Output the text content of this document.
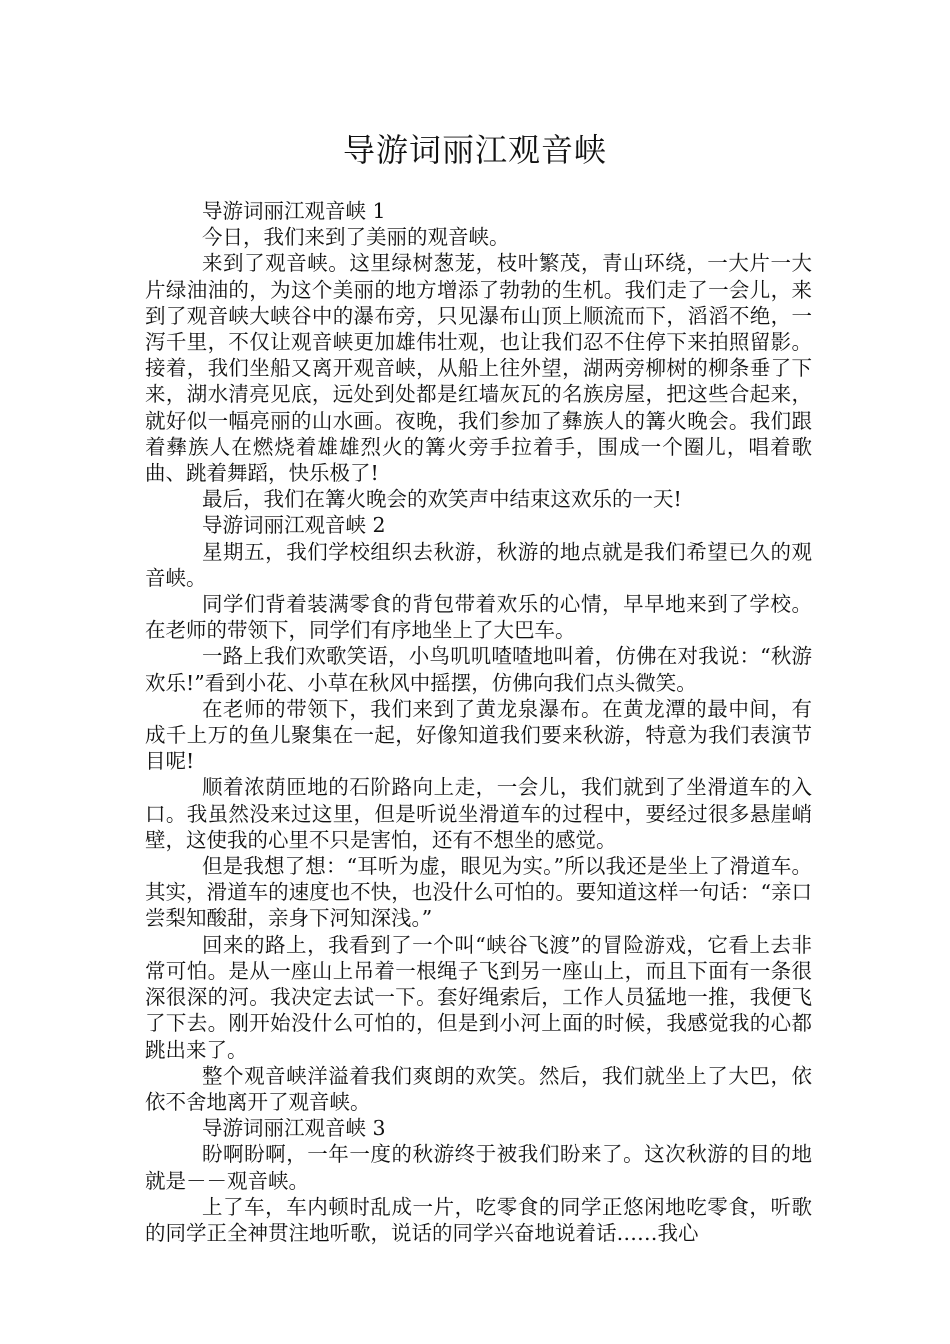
导游词丽江观音峡

导游词丽江观音峡 1

今日，我们来到了美丽的观音峡。

来到了观音峡。这里绿树葱茏，枝叶繁茂，青山环绕，一大片一大片绿油油的，为这个美丽的地方增添了勃勃的生机。我们走了一会儿，来到了观音峡大峡谷中的瀑布旁，只见瀑布山顶上顺流而下，滔滔不绝，一泻千里，不仅让观音峡更加雄伟壮观，也让我们忍不住停下来拍照留影。接着，我们坐船又离开观音峡，从船上往外望，湖两旁柳树的柳条垂了下来，湖水清亮见底，远处到处都是红墙灰瓦的名族房屋，把这些合起来，就好似一幅亮丽的山水画。夜晚，我们参加了彝族人的篝火晚会。我们跟着彝族人在燃烧着雄雄烈火的篝火旁手拉着手，围成一个圈儿，唱着歌曲、跳着舞蹈，快乐极了!

最后，我们在篝火晚会的欢笑声中结束这欢乐的一天!

导游词丽江观音峡 2

星期五，我们学校组织去秋游，秋游的地点就是我们希望已久的观音峡。

同学们背着装满零食的背包带着欢乐的心情，早早地来到了学校。在老师的带领下，同学们有序地坐上了大巴车。

一路上我们欢歌笑语，小鸟叽叽喳喳地叫着，仿佛在对我说：“秋游欢乐!”看到小花、小草在秋风中摇摆，仿佛向我们点头微笑。

在老师的带领下，我们来到了黄龙泉瀑布。在黄龙潭的最中间，有成千上万的鱼儿聚集在一起，好像知道我们要来秋游，特意为我们表演节目呢!

顺着浓荫匝地的石阶路向上走，一会儿，我们就到了坐滑道车的入口。我虽然没来过这里，但是听说坐滑道车的过程中，要经过很多悬崖峭壁，这使我的心里不只是害怕，还有不想坐的感觉。

但是我想了想：“耳听为虚，眼见为实。”所以我还是坐上了滑道车。其实，滑道车的速度也不快，也没什么可怕的。要知道这样一句话：“亲口尝梨知酸甜，亲身下河知深浅。”

回来的路上，我看到了一个叫“峡谷飞渡”的冒险游戏，它看上去非常可怕。是从一座山上吊着一根绳子飞到另一座山上，而且下面有一条很深很深的河。我决定去试一下。套好绳索后，工作人员猛地一推，我便飞了下去。刚开始没什么可怕的，但是到小河上面的时候，我感觉我的心都跳出来了。

整个观音峡洋溢着我们爽朗的欢笑。然后，我们就坐上了大巴，依依不舍地离开了观音峡。

导游词丽江观音峡 3

盼啊盼啊，一年一度的秋游终于被我们盼来了。这次秋游的目的地就是－－观音峡。

上了车，车内顿时乱成一片，吃零食的同学正悠闲地吃零食，听歌的同学正全神贯注地听歌，说话的同学兴奋地说着话……我心
